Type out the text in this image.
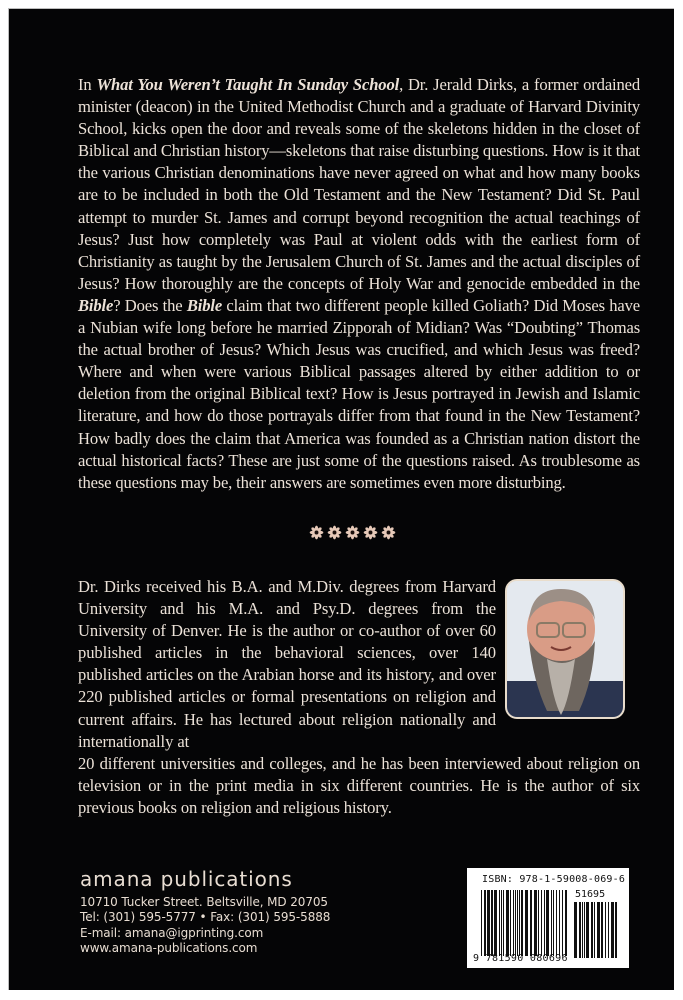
In What You Weren’t Taught In Sunday School, Dr. Jerald Dirks, a former ordained minister (deacon) in the United Methodist Church and a graduate of Harvard Divinity School, kicks open the door and reveals some of the skeletons hidden in the closet of Biblical and Christian history—skeletons that raise disturbing questions. How is it that the various Christian denominations have never agreed on what and how many books are to be included in both the Old Testament and the New Testament? Did St. Paul attempt to murder St. James and corrupt beyond recognition the actual teachings of Jesus? Just how completely was Paul at violent odds with the earliest form of Christianity as taught by the Jerusalem Church of St. James and the actual disciples of Jesus? How thoroughly are the concepts of Holy War and genocide embedded in the Bible? Does the Bible claim that two different people killed Goliath? Did Moses have a Nubian wife long before he married Zipporah of Midian? Was “Doubting” Thomas the actual brother of Jesus? Which Jesus was crucified, and which Jesus was freed? Where and when were various Biblical passages altered by either addition to or deletion from the original Biblical text? How is Jesus portrayed in Jewish and Islamic literature, and how do those portrayals differ from that found in the New Testament? How badly does the claim that America was founded as a Christian nation distort the actual historical facts? These are just some of the questions raised. As troublesome as these questions may be, their answers are sometimes even more disturbing.

Dr. Dirks received his B.A. and M.Div. degrees from Harvard University and his M.A. and Psy.D. degrees from the University of Denver. He is the author or co-author of over 60 published articles in the behavioral sciences, over 140 published articles on the Arabian horse and its history, and over 220 published articles or formal presentations on religion and current affairs. He has lectured about religion nationally and internationally at

20 different universities and colleges, and he has been interviewed about religion on television or in the print media in six different countries. He is the author of six previous books on religion and religious history.

amana publications
10710 Tucker Street. Beltsville, MD 20705
Tel: (301) 595-5777 • Fax: (301) 595-5888
E-mail: amana@igprinting.com
www.amana-publications.com
ISBN: 978-1-59008-069-6
51695
9 781590 080696
